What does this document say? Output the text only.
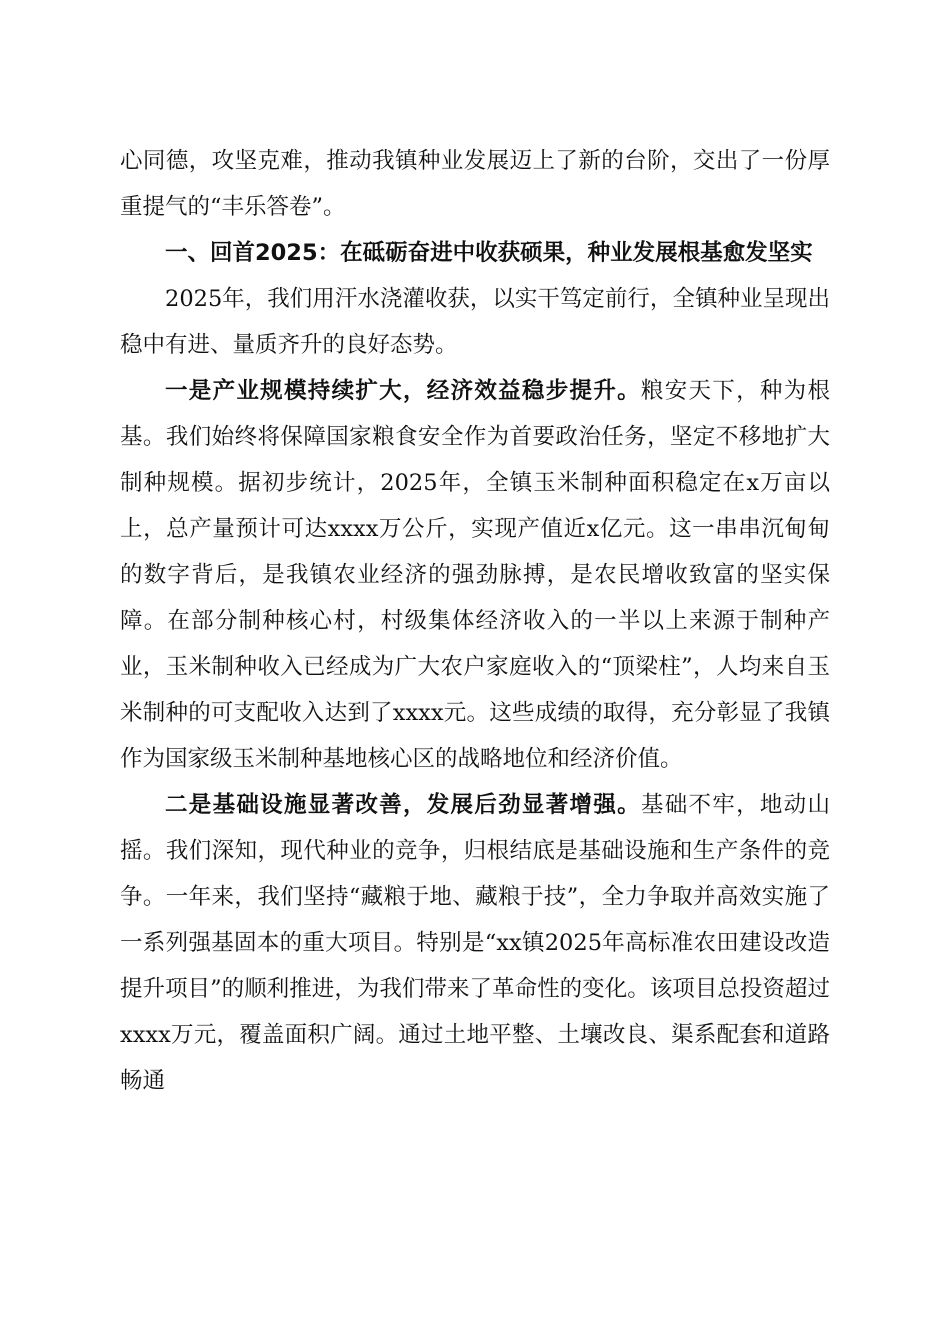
心同德，攻坚克难，推动我镇种业发展迈上了新的台阶，交出了一份厚重提气的“丰乐答卷”。

一、回首2025：在砥砺奋进中收获硕果，种业发展根基愈发坚实

2025年，我们用汗水浇灌收获，以实干笃定前行，全镇种业呈现出稳中有进、量质齐升的良好态势。

一是产业规模持续扩大，经济效益稳步提升。粮安天下，种为根基。我们始终将保障国家粮食安全作为首要政治任务，坚定不移地扩大制种规模。据初步统计，2025年，全镇玉米制种面积稳定在x万亩以上，总产量预计可达xxxx万公斤，实现产值近x亿元。这一串串沉甸甸的数字背后，是我镇农业经济的强劲脉搏，是农民增收致富的坚实保障。在部分制种核心村，村级集体经济收入的一半以上来源于制种产业，玉米制种收入已经成为广大农户家庭收入的“顶梁柱”，人均来自玉米制种的可支配收入达到了xxxx元。这些成绩的取得，充分彰显了我镇作为国家级玉米制种基地核心区的战略地位和经济价值。

二是基础设施显著改善，发展后劲显著增强。基础不牢，地动山摇。我们深知，现代种业的竞争，归根结底是基础设施和生产条件的竞争。一年来，我们坚持“藏粮于地、藏粮于技”，全力争取并高效实施了一系列强基固本的重大项目。特别是“xx镇2025年高标准农田建设改造提升项目”的顺利推进，为我们带来了革命性的变化。该项目总投资超过xxxx万元，覆盖面积广阔。通过土地平整、土壤改良、渠系配套和道路畅通
